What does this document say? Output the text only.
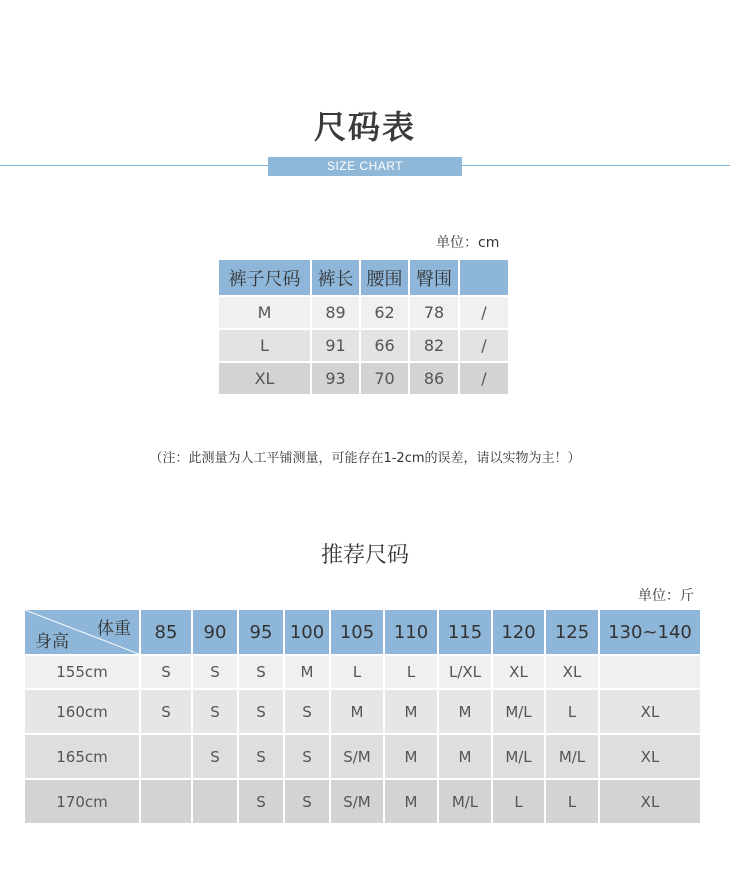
尺码表
SIZE CHART
单位：cm
裤子尺码	裤长	腰围	臀围	
M	89	62	78	/
L	91	66	82	/
XL	93	70	86	/
（注：此测量为人工平铺测量，可能存在1-2cm的误差，请以实物为主！）
推荐尺码
单位：斤
体重
身高	85	90	95	100	105	110	115	120	125	130~140
155cm	S	S	S	M	L	L	L/XL	XL	XL	
160cm	S	S	S	S	M	M	M	M/L	L	XL
165cm		S	S	S	S/M	M	M	M/L	M/L	XL
170cm			S	S	S/M	M	M/L	L	L	XL
